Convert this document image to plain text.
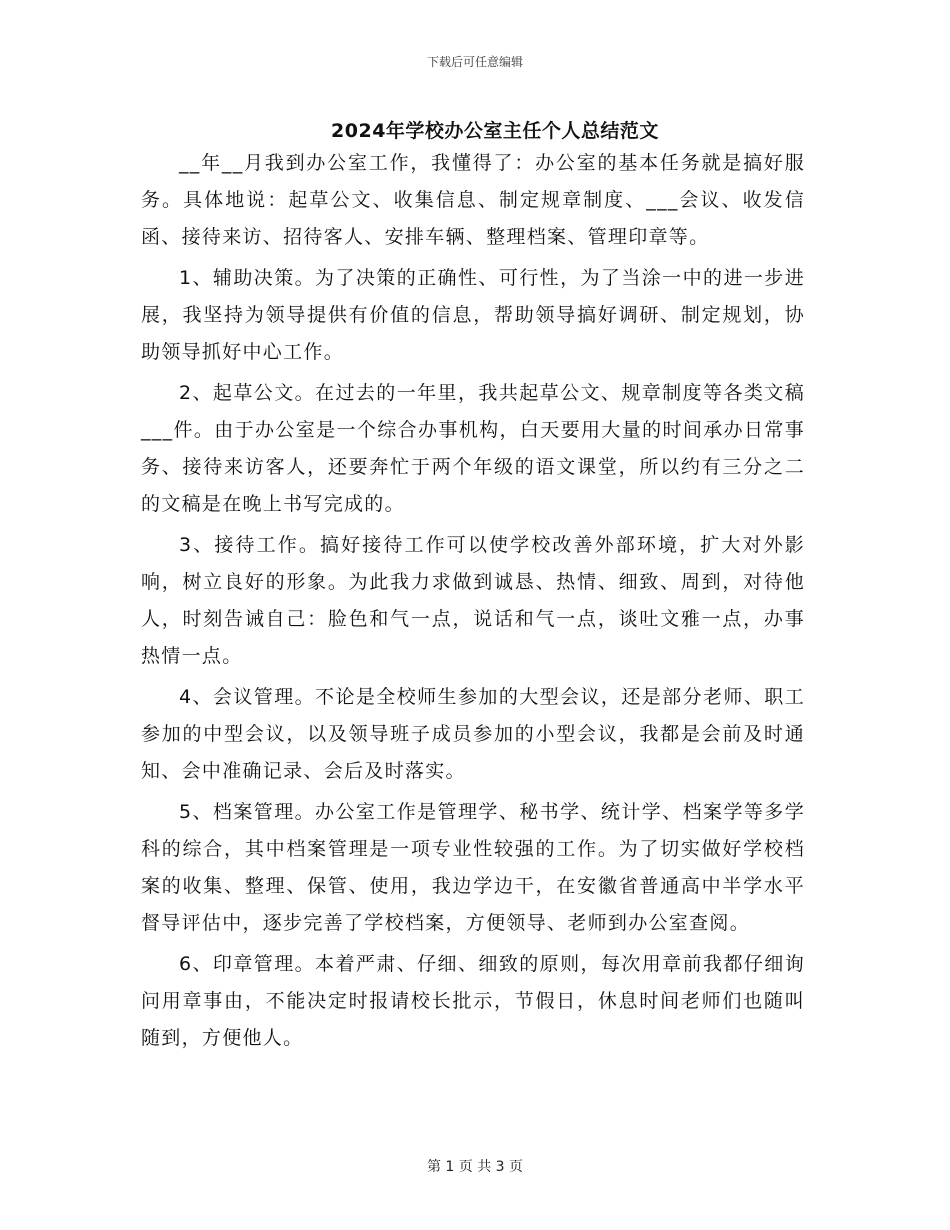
下载后可任意编辑
2024年学校办公室主任个人总结范文

__年__月我到办公室工作，我懂得了：办公室的基本任务就是搞好服务。具体地说：起草公文、收集信息、制定规章制度、___会议、收发信函、接待来访、招待客人、安排车辆、整理档案、管理印章等。

1、辅助决策。为了决策的正确性、可行性，为了当涂一中的进一步进展，我坚持为领导提供有价值的信息，帮助领导搞好调研、制定规划，协助领导抓好中心工作。

2、起草公文。在过去的一年里，我共起草公文、规章制度等各类文稿___件。由于办公室是一个综合办事机构，白天要用大量的时间承办日常事务、接待来访客人，还要奔忙于两个年级的语文课堂，所以约有三分之二的文稿是在晚上书写完成的。

3、接待工作。搞好接待工作可以使学校改善外部环境，扩大对外影响，树立良好的形象。为此我力求做到诚恳、热情、细致、周到，对待他人，时刻告诫自己：脸色和气一点，说话和气一点，谈吐文雅一点，办事热情一点。

4、会议管理。不论是全校师生参加的大型会议，还是部分老师、职工参加的中型会议，以及领导班子成员参加的小型会议，我都是会前及时通知、会中准确记录、会后及时落实。

5、档案管理。办公室工作是管理学、秘书学、统计学、档案学等多学科的综合，其中档案管理是一项专业性较强的工作。为了切实做好学校档案的收集、整理、保管、使用，我边学边干，在安徽省普通高中半学水平督导评估中，逐步完善了学校档案，方便领导、老师到办公室查阅。

6、印章管理。本着严肃、仔细、细致的原则，每次用章前我都仔细询问用章事由，不能决定时报请校长批示，节假日，休息时间老师们也随叫随到，方便他人。

第 1 页 共 3 页
